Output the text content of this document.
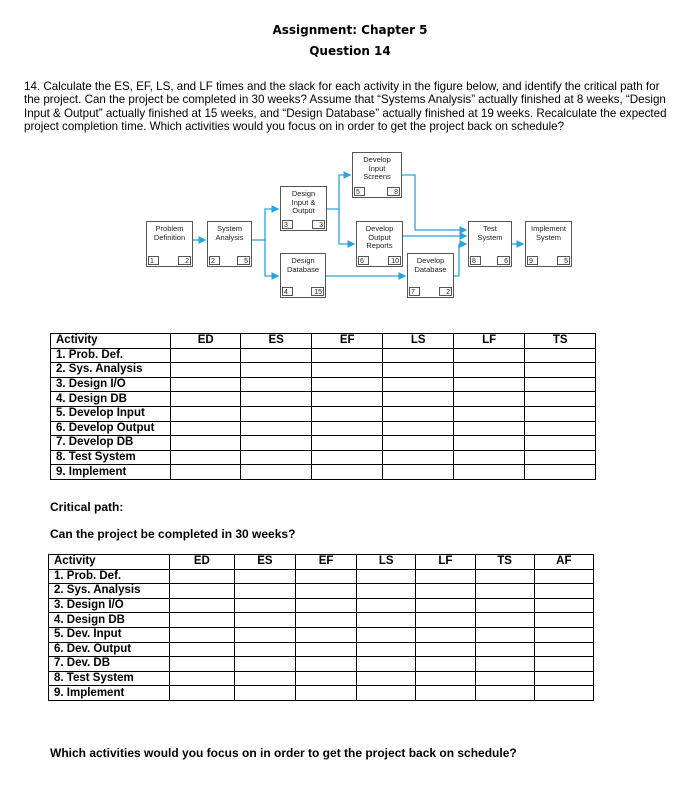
Assignment: Chapter 5
Question 14
14. Calculate the ES, EF, LS, and LF times and the slack for each activity in the figure below, and identify the critical path for the project. Can the project be completed in 30 weeks? Assume that “Systems Analysis” actually finished at 8 weeks, “Design Input & Output” actually finished at 15 weeks, and “Design Database” actually finished at 19 weeks. Recalculate the expected project completion time. Which activities would you focus on in order to get the project back on schedule?
Problem
Definition
1	2
System
Analysis
2	5
Design
Input &
Output
3	3
Design
Database
4	15
Develop
Input
Screens
5	8
Develop
Output
Reports
6	10	Develop
Database
7	2
Test
System
8	6
Implement
System
9	5
Activity	ED	ES	EF	LS	LF	TS
1. Prob. Def.						
2. Sys. Analysis						
3. Design I/O						
4. Design DB						
5. Develop Input						
6. Develop Output						
7. Develop DB						
8. Test System						
9. Implement						
Critical path:
Can the project be completed in 30 weeks?
Activity	ED	ES	EF	LS	LF	TS	AF
1. Prob. Def.							
2. Sys. Analysis							
3. Design I/O							
4. Design DB							
5. Dev. Input							
6. Dev. Output							
7. Dev. DB							
8. Test System							
9. Implement							
Which activities would you focus on in order to get the project back on schedule?
